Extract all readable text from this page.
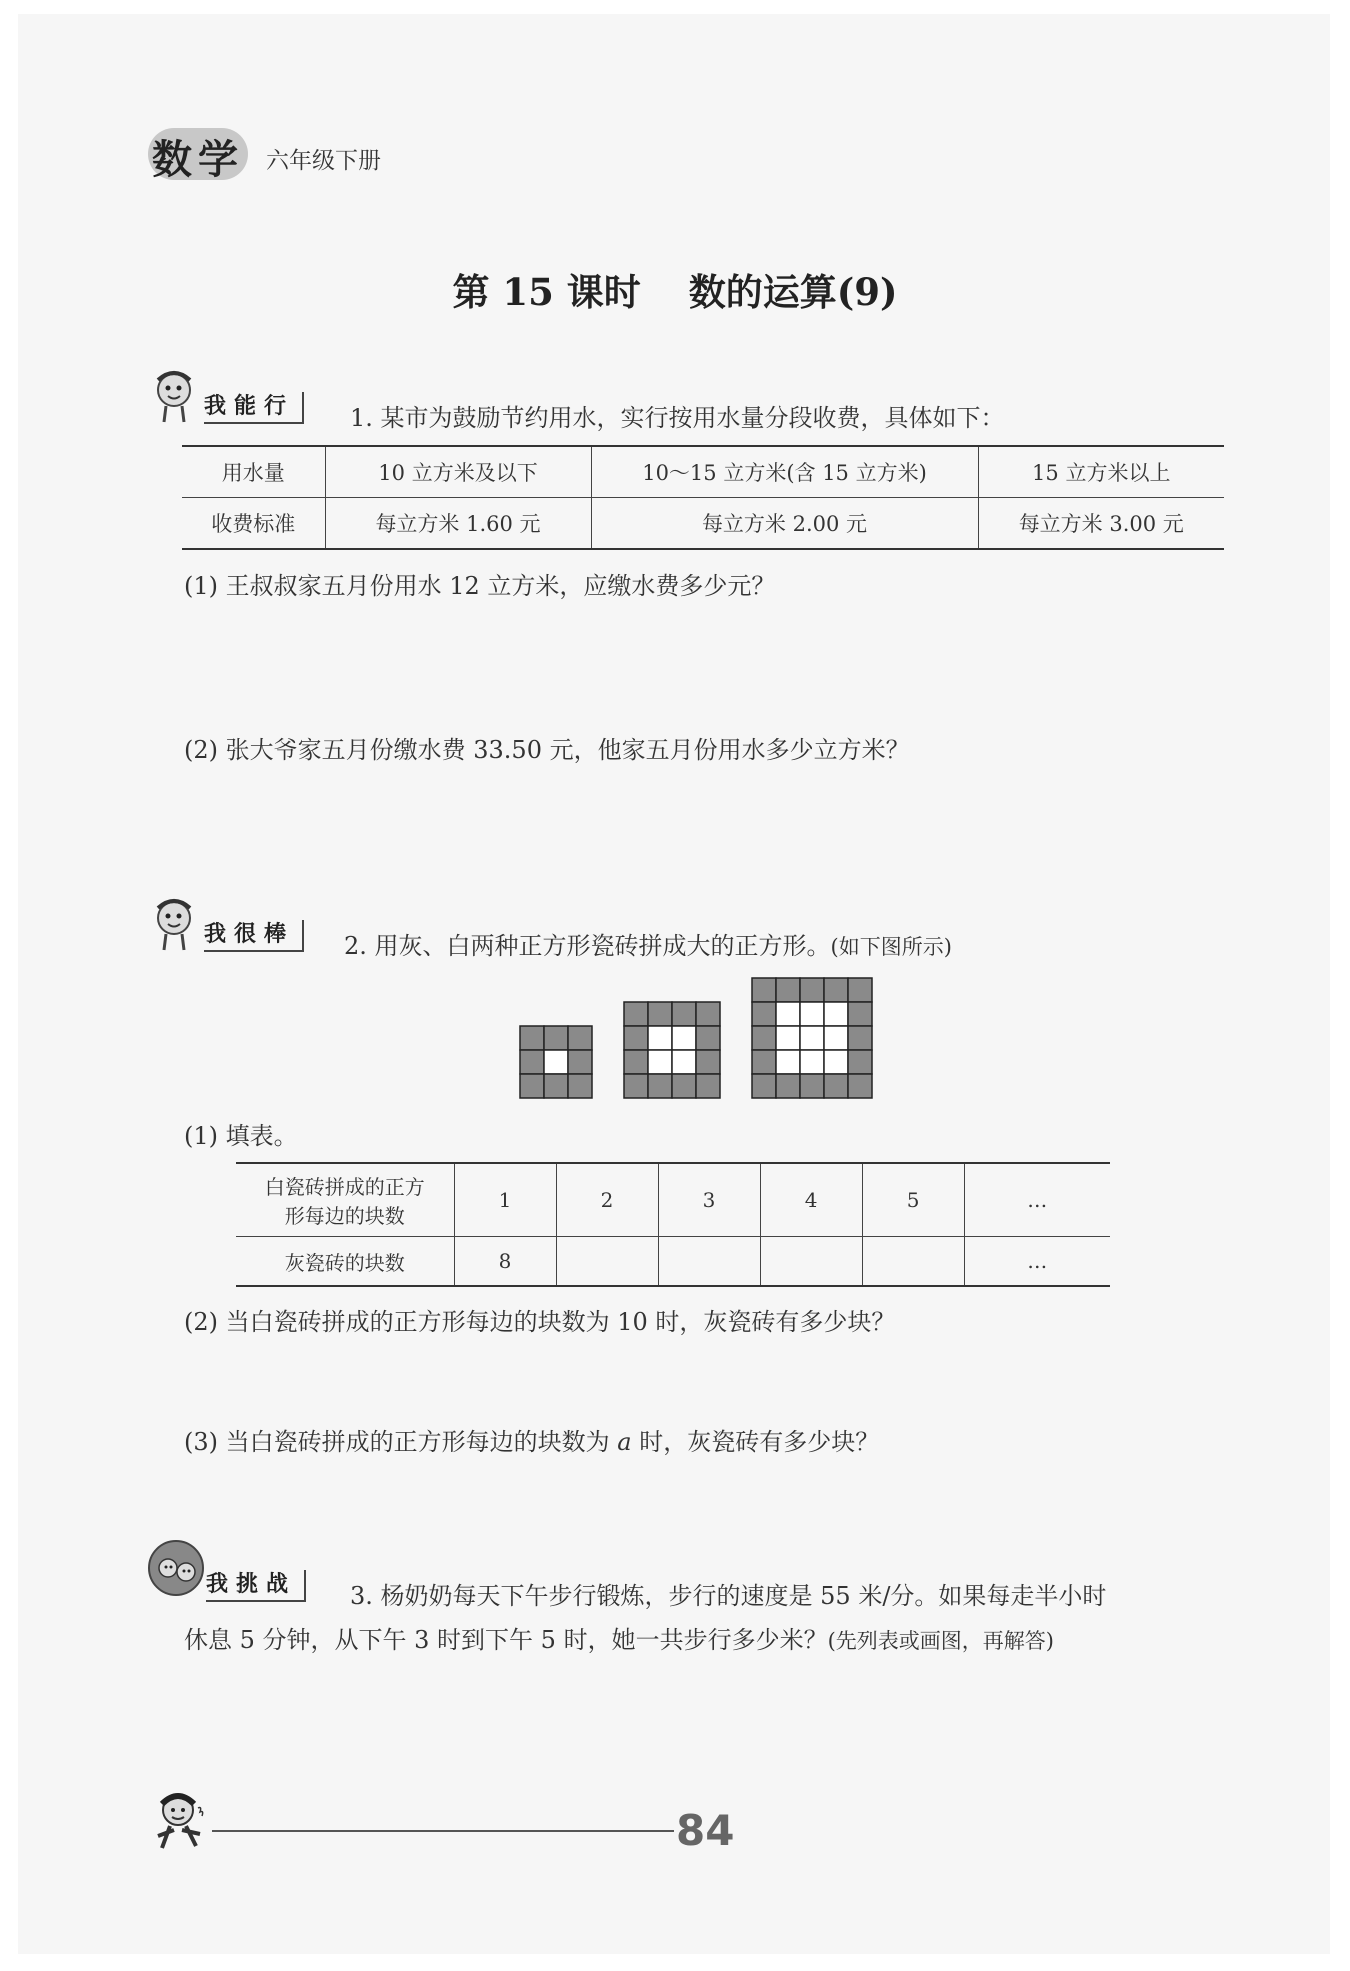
数学 六年级下册
第 15 课时 数的运算(9)
我能行	1. 某市为鼓励节约用水，实行按用水量分段收费，具体如下：
用水量	10 立方米及以下	10～15 立方米(含 15 立方米)	15 立方米以上
收费标准	每立方米 1.60 元	每立方米 2.00 元	每立方米 3.00 元
(1) 王叔叔家五月份用水 12 立方米，应缴水费多少元？
(2) 张大爷家五月份缴水费 33.50 元，他家五月份用水多少立方米？
我很棒	2. 用灰、白两种正方形瓷砖拼成大的正方形。(如下图所示)
(1) 填表。
白瓷砖拼成的正方
形每边的块数	1	2	3	4	5	…
灰瓷砖的块数	8					…
(2) 当白瓷砖拼成的正方形每边的块数为 10 时，灰瓷砖有多少块？
(3) 当白瓷砖拼成的正方形每边的块数为 a 时，灰瓷砖有多少块？
我挑战	3. 杨奶奶每天下午步行锻炼，步行的速度是 55 米/分。如果每走半小时
休息 5 分钟，从下午 3 时到下午 5 时，她一共步行多少米？(先列表或画图，再解答)
84
